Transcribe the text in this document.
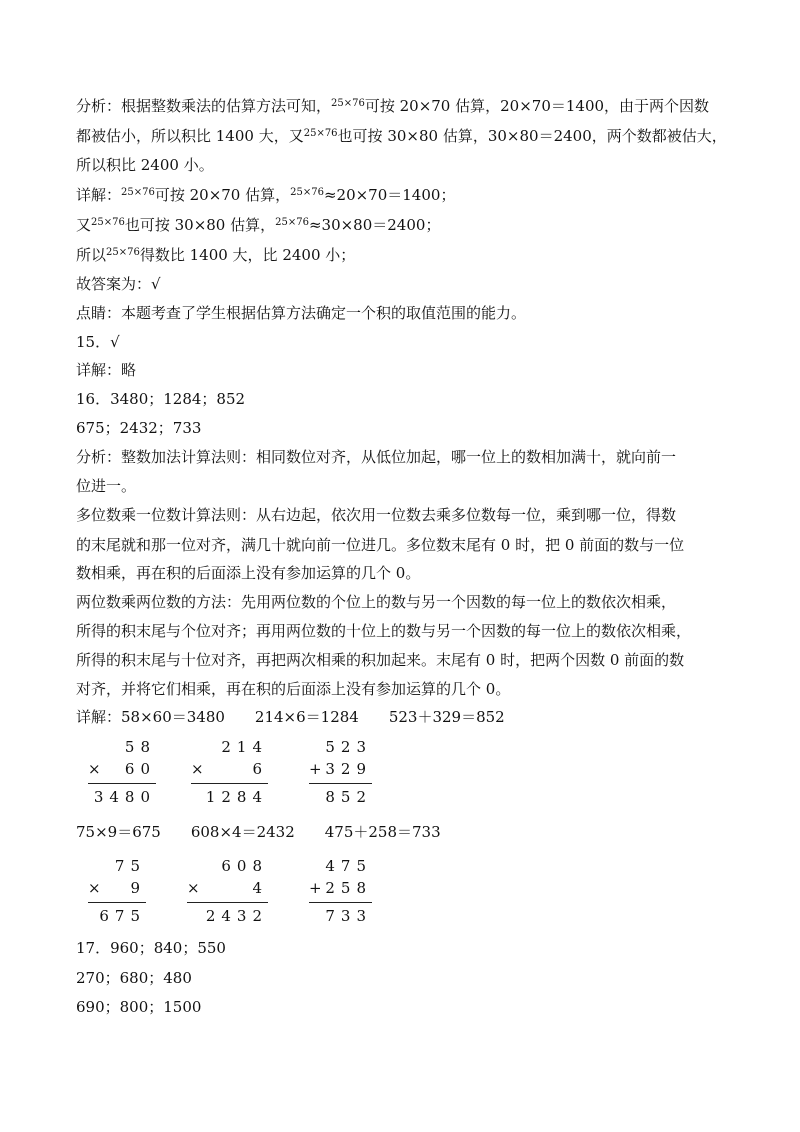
分析：根据整数乘法的估算方法可知，$^{25\times 76}$可按 20×70 估算，20×70＝1400，由于两个因数
都被估小，所以积比 1400 大，又$^{25\times 76}$也可按 30×80 估算，30×80＝2400，两个数都被估大，
所以积比 2400 小。
详解：$^{25\times 76}$可按 20×70 估算，$^{25\times 76}$≈20×70＝1400；
又$^{25\times 76}$也可按 30×80 估算，$^{25\times 76}$≈30×80＝2400；
所以$^{25\times 76}$得数比 1400 大，比 2400 小；
故答案为：√
点睛：本题考查了学生根据估算方法确定一个积的取值范围的能力。
15．√
详解：略
16．3480；1284；852
675；2432；733
分析：整数加法计算法则：相同数位对齐，从低位加起，哪一位上的数相加满十，就向前一
位进一。
多位数乘一位数计算法则：从右边起，依次用一位数去乘多位数每一位，乘到哪一位，得数
的末尾就和那一位对齐，满几十就向前一位进几。多位数末尾有 0 时，把 0 前面的数与一位
数相乘，再在积的后面添上没有参加运算的几个 0。
两位数乘两位数的方法：先用两位数的个位上的数与另一个因数的每一位上的数依次相乘，
所得的积末尾与个位对齐；再用两位数的十位上的数与另一个因数的每一位上的数依次相乘，
所得的积末尾与十位对齐，再把两次相乘的积加起来。末尾有 0 时，把两个因数 0 前面的数
对齐，并将它们相乘，再在积的后面添上没有参加运算的几个 0。
详解：58×60＝3480　　214×6＝1284　　523＋329＝852
58
× 60
3480
214
×	6
1284
523
+ 329
852
75×9＝675　　608×4＝2432　　475＋258＝733
75
× 9
675
608
×	4
2432
475
+ 258
733
17．960；840；550
270；680；480
690；800；1500
